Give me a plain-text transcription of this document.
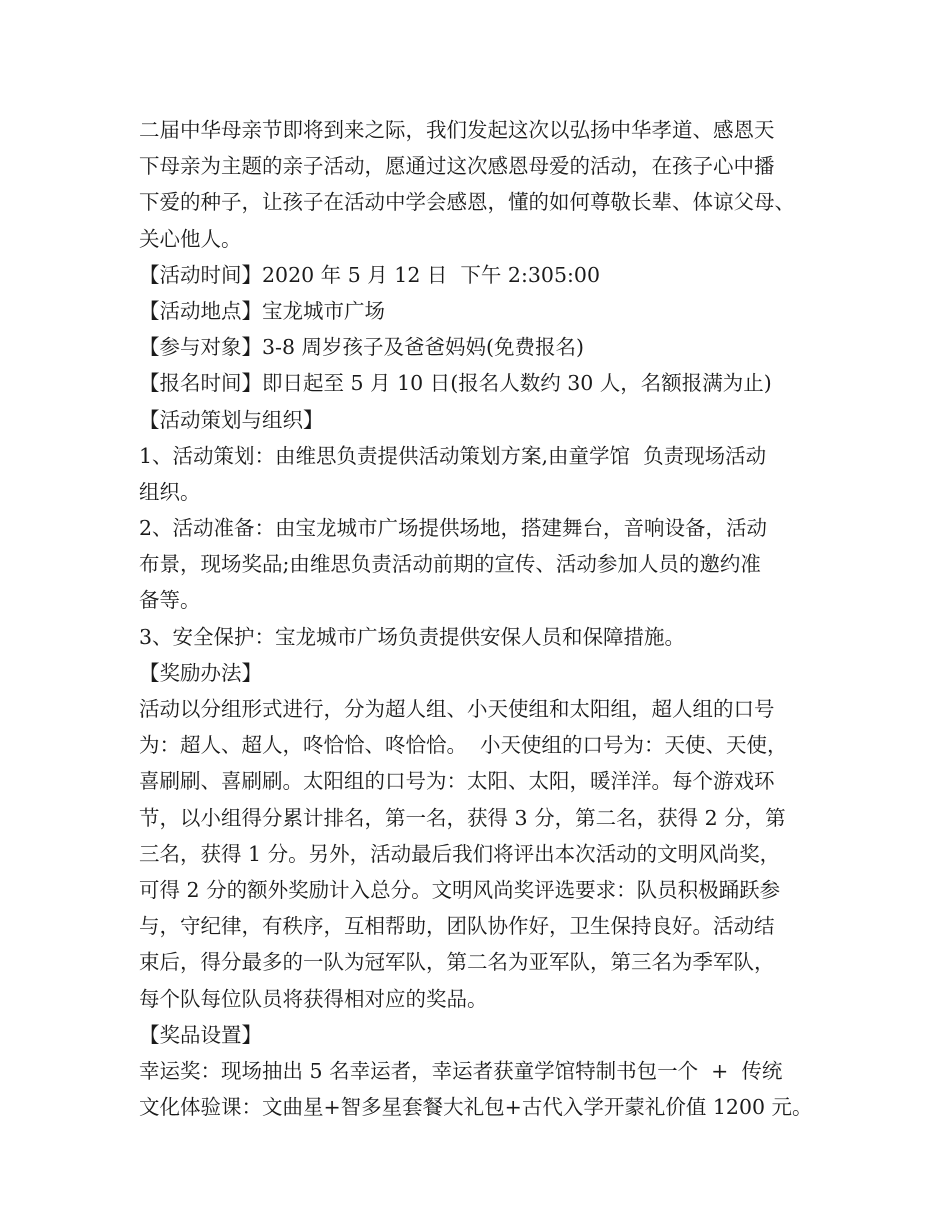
二届中华母亲节即将到来之际，我们发起这次以弘扬中华孝道、感恩天
下母亲为主题的亲子活动，愿通过这次感恩母爱的活动，在孩子心中播
下爱的种子，让孩子在活动中学会感恩，懂的如何尊敬长辈、体谅父母、
关心他人。
【活动时间】2020 年 5 月 12 日  下午 2:305:00
【活动地点】宝龙城市广场
【参与对象】3-8 周岁孩子及爸爸妈妈(免费报名)
【报名时间】即日起至 5 月 10 日(报名人数约 30 人，名额报满为止)
【活动策划与组织】
1、活动策划：由维思负责提供活动策划方案,由童学馆  负责现场活动
组织。
2、活动准备：由宝龙城市广场提供场地，搭建舞台，音响设备，活动
布景，现场奖品;由维思负责活动前期的宣传、活动参加人员的邀约准
备等。
3、安全保护：宝龙城市广场负责提供安保人员和保障措施。
【奖励办法】
活动以分组形式进行，分为超人组、小天使组和太阳组，超人组的口号
为：超人、超人，咚恰恰、咚恰恰。  小天使组的口号为：天使、天使，
喜刷刷、喜刷刷。太阳组的口号为：太阳、太阳，暖洋洋。每个游戏环
节，以小组得分累计排名，第一名，获得 3 分，第二名，获得 2 分，第
三名，获得 1 分。另外，活动最后我们将评出本次活动的文明风尚奖，
可得 2 分的额外奖励计入总分。文明风尚奖评选要求：队员积极踊跃参
与，守纪律，有秩序，互相帮助，团队协作好，卫生保持良好。活动结
束后，得分最多的一队为冠军队，第二名为亚军队，第三名为季军队，
每个队每位队员将获得相对应的奖品。
【奖品设置】
幸运奖：现场抽出 5 名幸运者，幸运者获童学馆特制书包一个  +  传统
文化体验课：文曲星+智多星套餐大礼包+古代入学开蒙礼价值 1200 元。
